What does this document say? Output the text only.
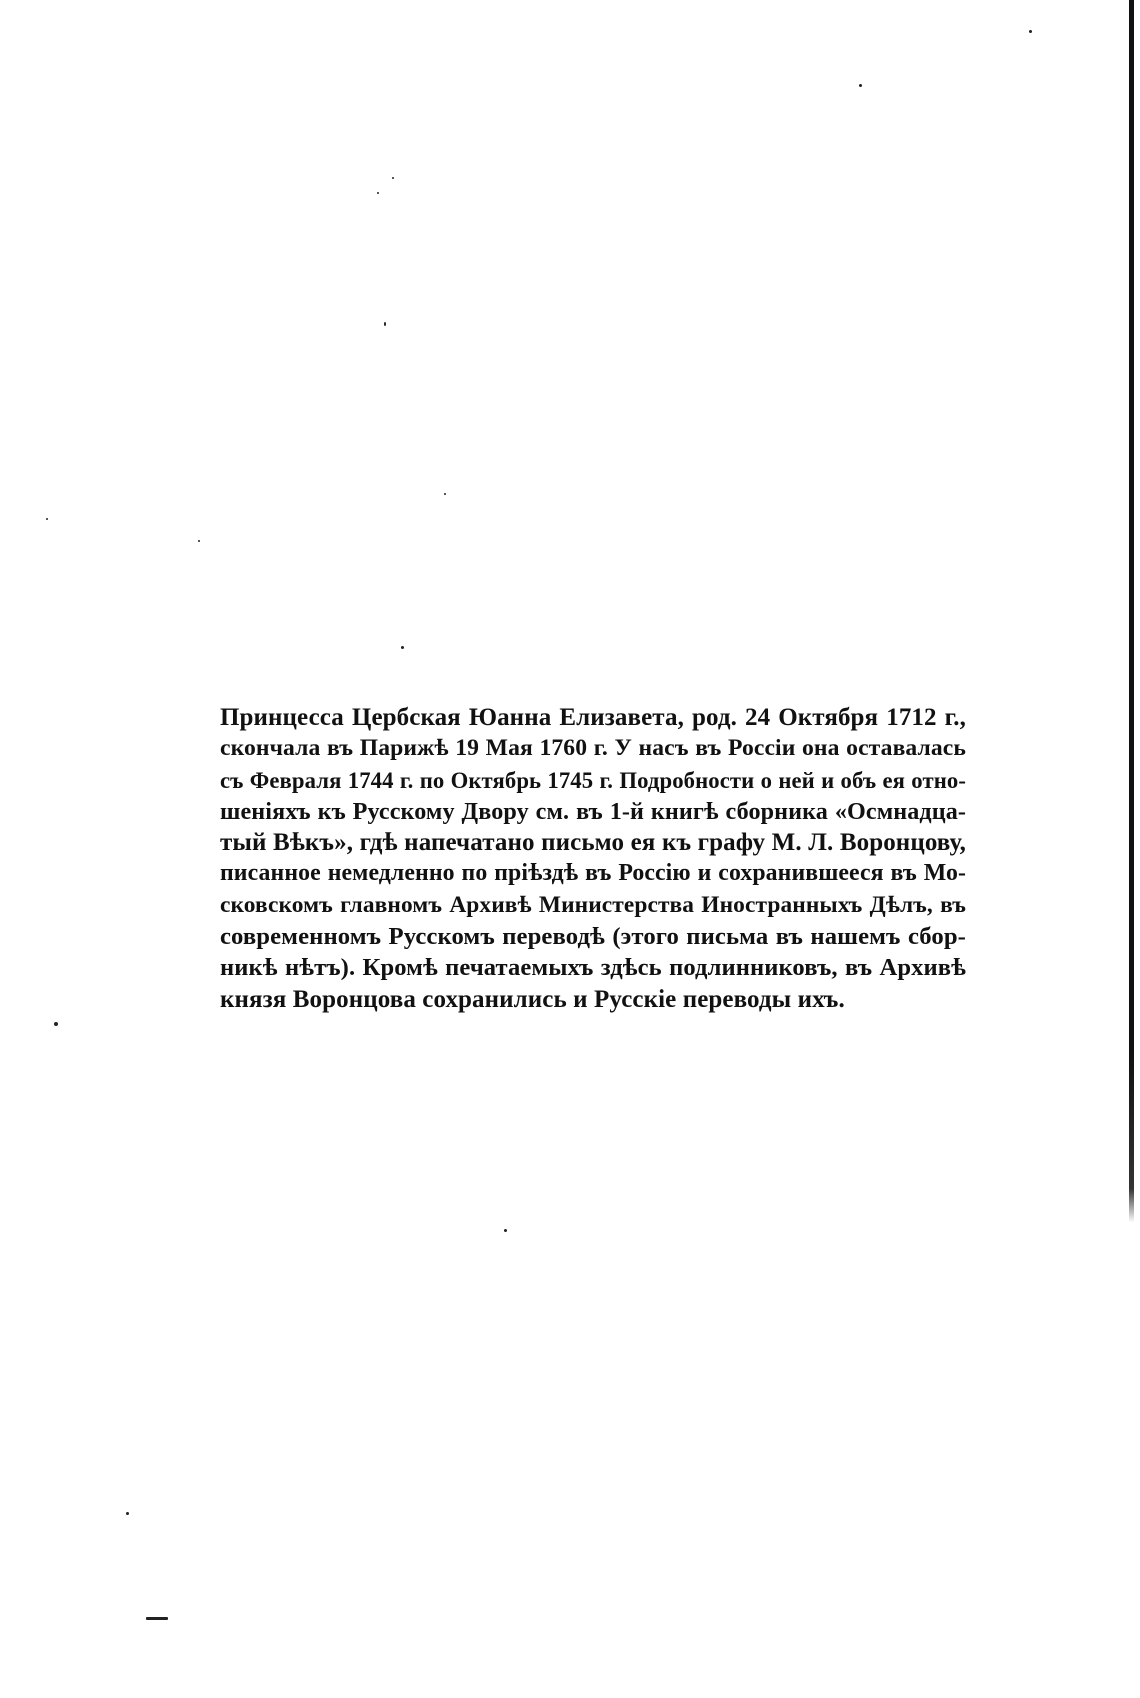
Принцесса Цербская Юанна Елизавета, род. 24 Октября 1712 г.,
скончала въ Парижѣ 19 Мая 1760 г. У насъ въ Россіи она оставалась
съ Февраля 1744 г. по Октябрь 1745 г. Подробности о ней и объ ея отно-
шеніяхъ къ Русскому Двору см. въ 1-й книгѣ сборника «Осмнадца-
тый Вѣкъ», гдѣ напечатано письмо ея къ графу М. Л. Воронцову,
писанное немедленно по пріѣздѣ въ Россію и сохранившееся въ Мо-
сковскомъ главномъ Архивѣ Министерства Иностранныхъ Дѣлъ, въ
современномъ Русскомъ переводѣ (этого письма въ нашемъ сбор-
никѣ нѣтъ). Кромѣ печатаемыхъ здѣсь подлинниковъ, въ Архивѣ
князя Воронцова сохранились и Русскіе переводы ихъ.
